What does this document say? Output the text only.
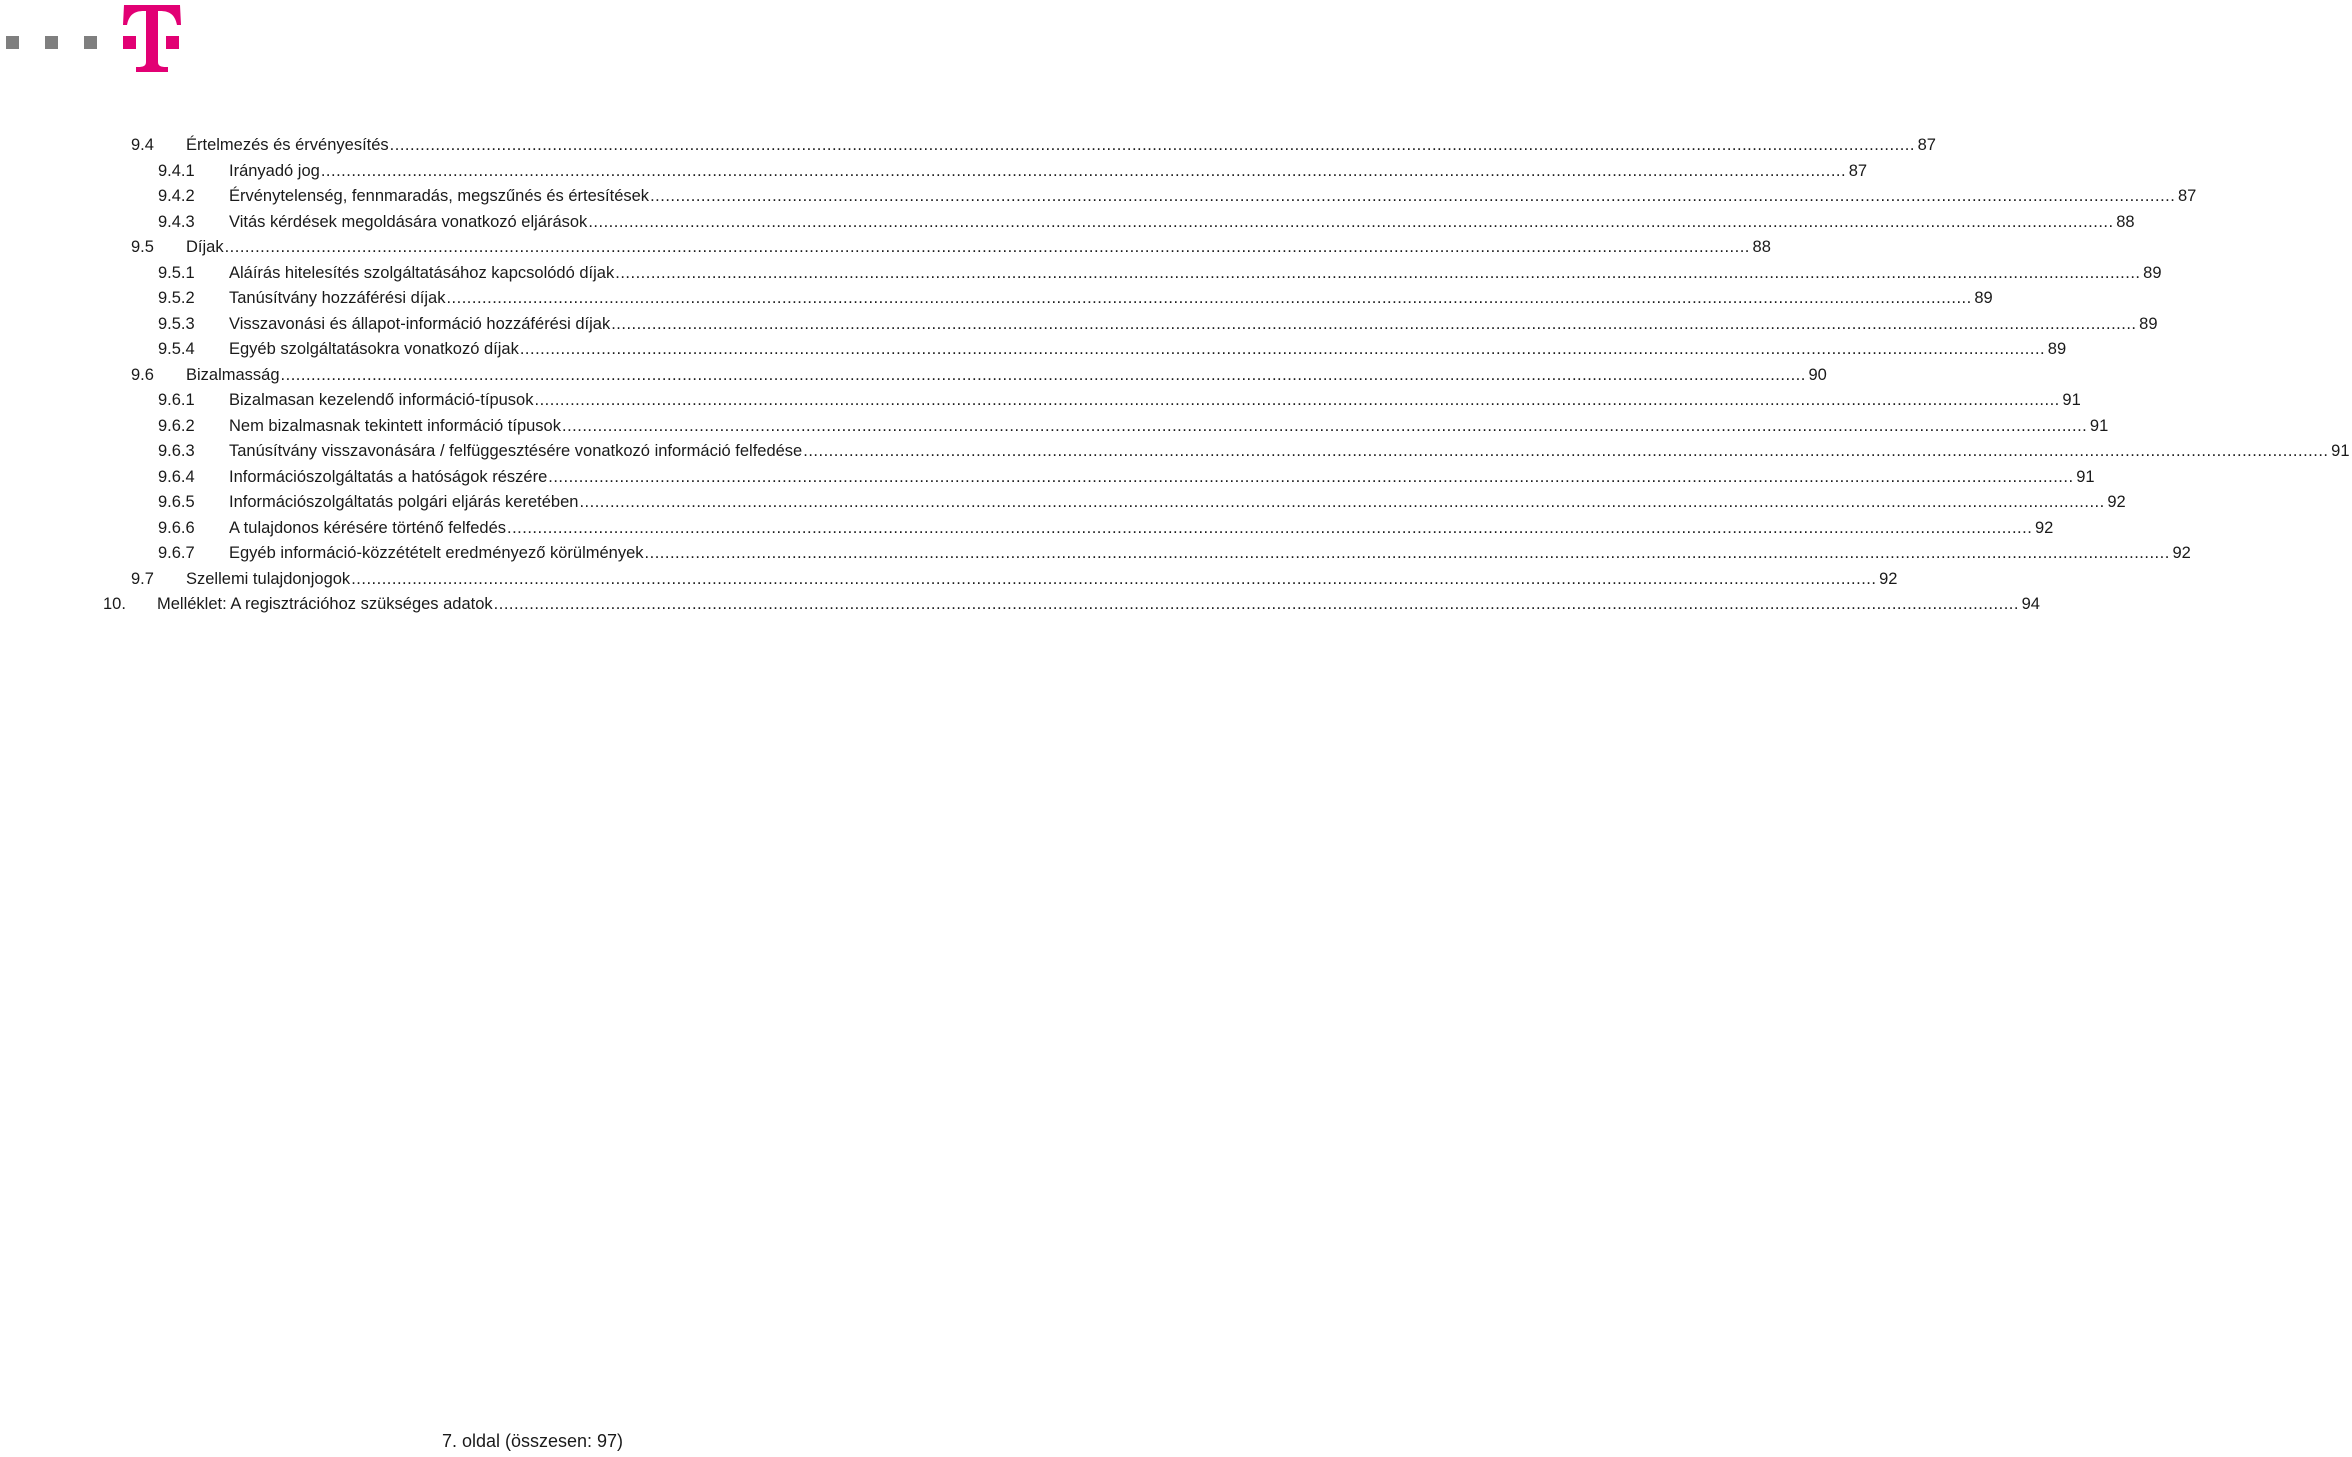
9.4 Értelmezés és érvényesítés ............................................................................................................................................................................................................................................................................................................ 87
9.4.1 Irányadó jog ............................................................................................................................................................................................................................................................................................................ 87
9.4.2 Érvénytelenség, fennmaradás, megszűnés és értesítések ............................................................................................................................................................................................................................................................................................................ 87
9.4.3 Vitás kérdések megoldására vonatkozó eljárások ............................................................................................................................................................................................................................................................................................................ 88
9.5 Díjak ............................................................................................................................................................................................................................................................................................................ 88
9.5.1 Aláírás hitelesítés szolgáltatásához kapcsolódó díjak ............................................................................................................................................................................................................................................................................................................ 89
9.5.2 Tanúsítvány hozzáférési díjak ............................................................................................................................................................................................................................................................................................................ 89
9.5.3 Visszavonási és állapot-információ hozzáférési díjak ............................................................................................................................................................................................................................................................................................................ 89
9.5.4 Egyéb szolgáltatásokra vonatkozó díjak ............................................................................................................................................................................................................................................................................................................ 89
9.6 Bizalmasság ............................................................................................................................................................................................................................................................................................................ 90
9.6.1 Bizalmasan kezelendő információ-típusok ............................................................................................................................................................................................................................................................................................................ 91
9.6.2 Nem bizalmasnak tekintett információ típusok ............................................................................................................................................................................................................................................................................................................ 91
9.6.3 Tanúsítvány visszavonására / felfüggesztésére vonatkozó információ felfedése ............................................................................................................................................................................................................................................................................................................ 91
9.6.4 Információszolgáltatás a hatóságok részére ............................................................................................................................................................................................................................................................................................................ 91
9.6.5 Információszolgáltatás polgári eljárás keretében ............................................................................................................................................................................................................................................................................................................ 92
9.6.6 A tulajdonos kérésére történő felfedés ............................................................................................................................................................................................................................................................................................................ 92
9.6.7 Egyéb információ-közzétételt eredményező körülmények ............................................................................................................................................................................................................................................................................................................ 92
9.7 Szellemi tulajdonjogok ............................................................................................................................................................................................................................................................................................................ 92
10. Melléklet: A regisztrációhoz szükséges adatok ............................................................................................................................................................................................................................................................................................................ 94
7. oldal (összesen: 97)
